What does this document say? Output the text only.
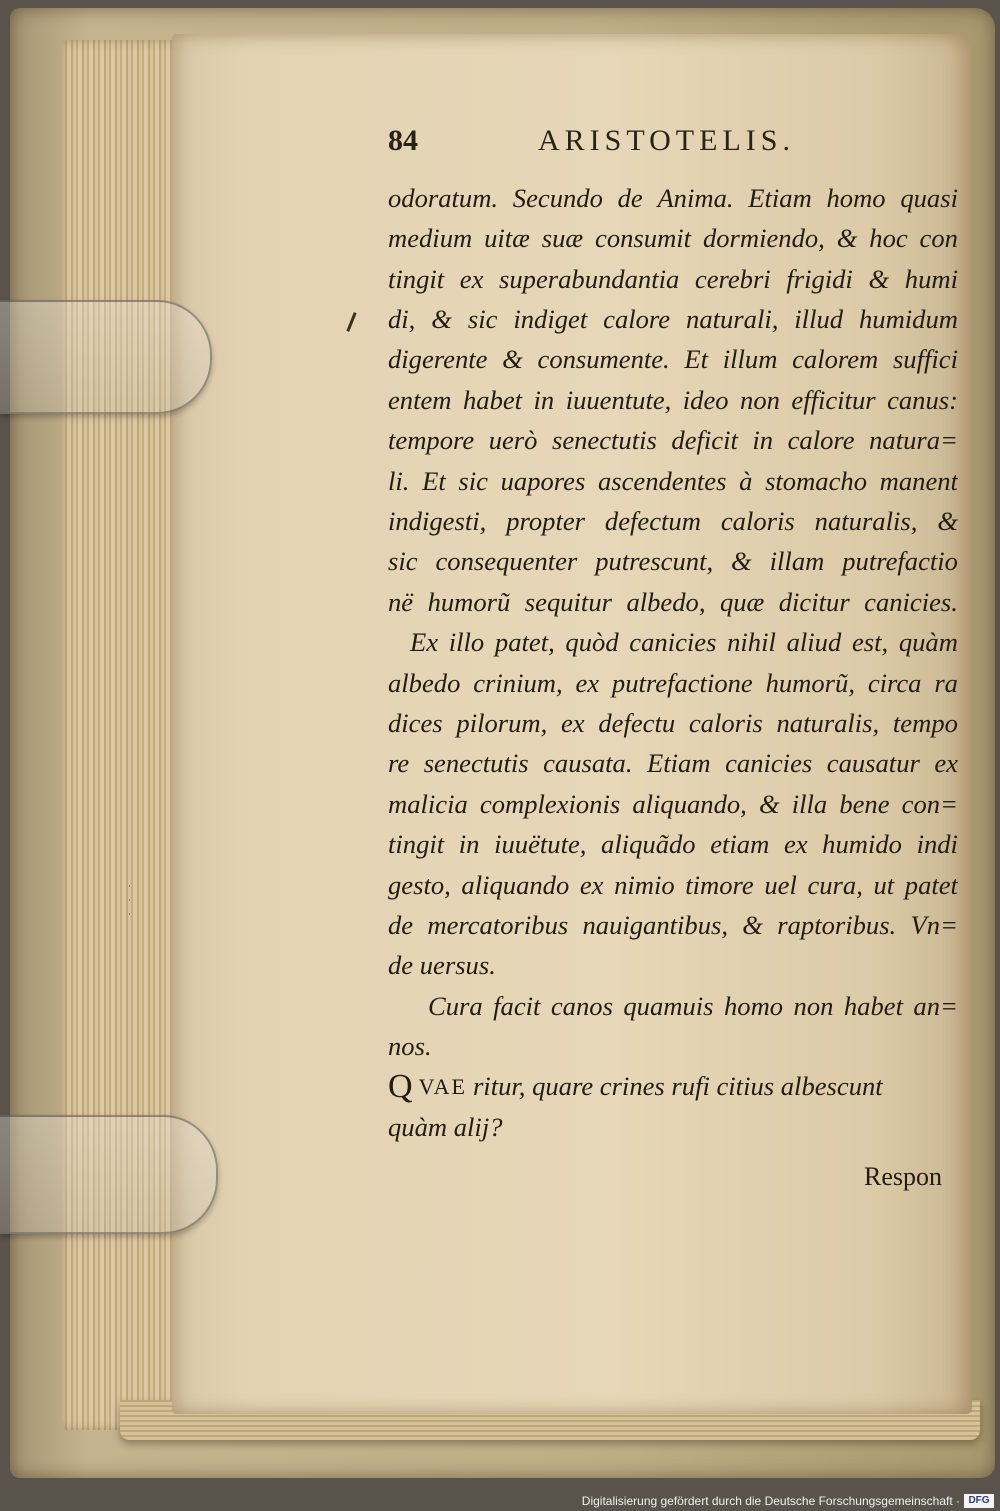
·
·
·
84	ARISTOTELIS.
odoratum. Secundo de Anima. Etiam homo quasi
medium uitæ suæ consumit dormiendo, & hoc con
tingit ex superabundantia cerebri frigidi & humi
di, & sic indiget calore naturali, illud humidum
digerente & consumente. Et illum calorem suffici
entem habet in iuuentute, ideo non efficitur canus:
tempore uerò senectutis deficit in calore natura=
li. Et sic uapores ascendentes à stomacho manent
indigesti, propter defectum caloris naturalis, &
sic consequenter putrescunt, & illam putrefactio
në humorũ sequitur albedo, quæ dicitur canicies.
Ex illo patet, quòd canicies nihil aliud est, quàm
albedo crinium, ex putrefactione humorũ, circa ra
dices pilorum, ex defectu caloris naturalis, tempo
re senectutis causata. Etiam canicies causatur ex
malicia complexionis aliquando, & illa bene con=
tingit in iuuëtute, aliquãdo etiam ex humido indi
gesto, aliquando ex nimio timore uel cura, ut patet
de mercatoribus nauigantibus, & raptoribus. Vn=
de uersus.
Cura facit canos quamuis homo non habet an=
nos.
Q VAE ritur, quare crines rufi citius albescunt
quàm alij?
Respon
Digitalisierung gefördert durch die Deutsche Forschungsgemeinschaft · DFG
